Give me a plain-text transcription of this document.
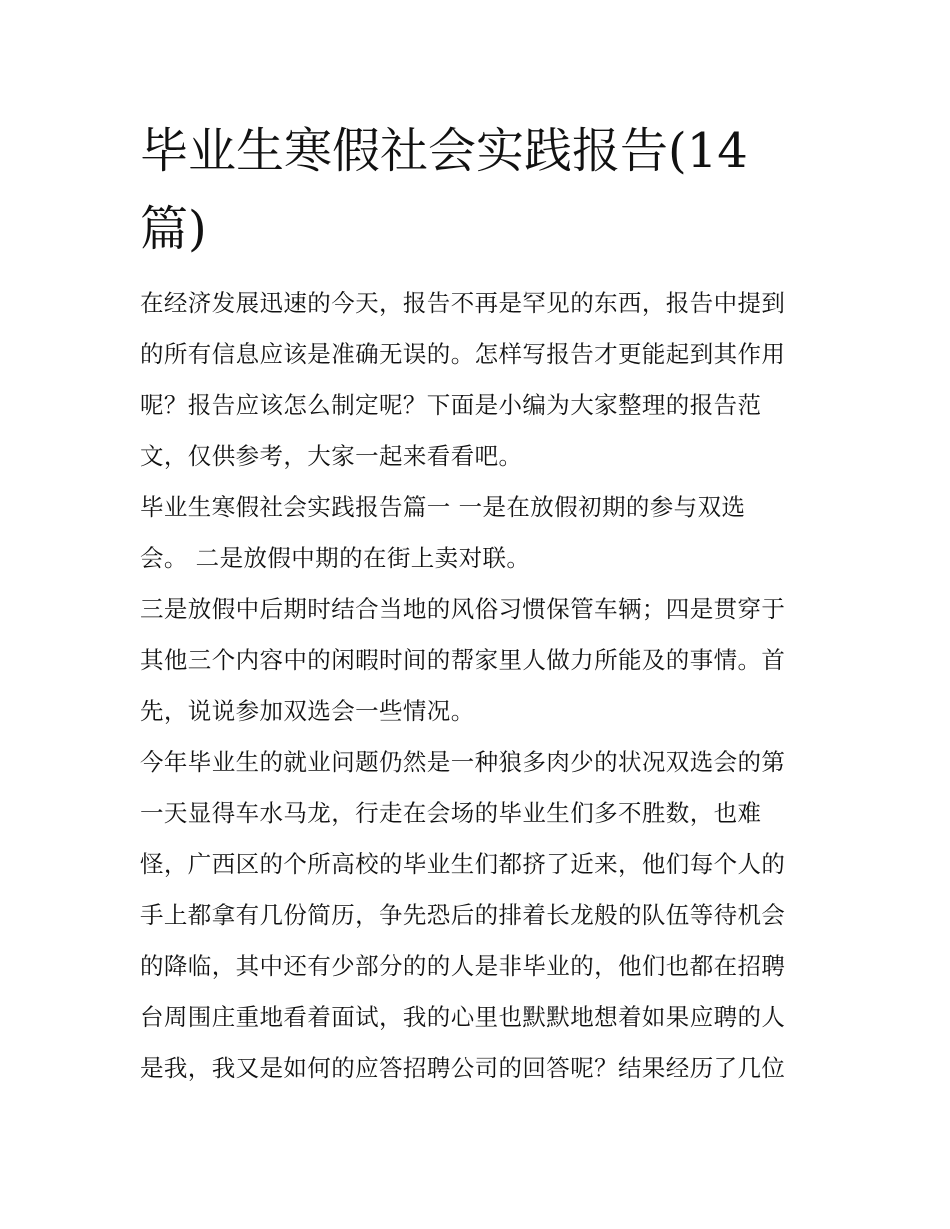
毕业生寒假社会实践报告(14
篇)
在经济发展迅速的今天，报告不再是罕见的东西，报告中提到
的所有信息应该是准确无误的。怎样写报告才更能起到其作用
呢？报告应该怎么制定呢？下面是小编为大家整理的报告范
文，仅供参考，大家一起来看看吧。
毕业生寒假社会实践报告篇一 一是在放假初期的参与双选
会。 二是放假中期的在街上卖对联。
三是放假中后期时结合当地的风俗习惯保管车辆；四是贯穿于
其他三个内容中的闲暇时间的帮家里人做力所能及的事情。首
先，说说参加双选会一些情况。
今年毕业生的就业问题仍然是一种狼多肉少的状况双选会的第
一天显得车水马龙，行走在会场的毕业生们多不胜数，也难
怪，广西区的个所高校的毕业生们都挤了近来，他们每个人的
手上都拿有几份简历，争先恐后的排着长龙般的队伍等待机会
的降临，其中还有少部分的的人是非毕业的，他们也都在招聘
台周围庄重地看着面试，我的心里也默默地想着如果应聘的人
是我，我又是如何的应答招聘公司的回答呢？结果经历了几位
